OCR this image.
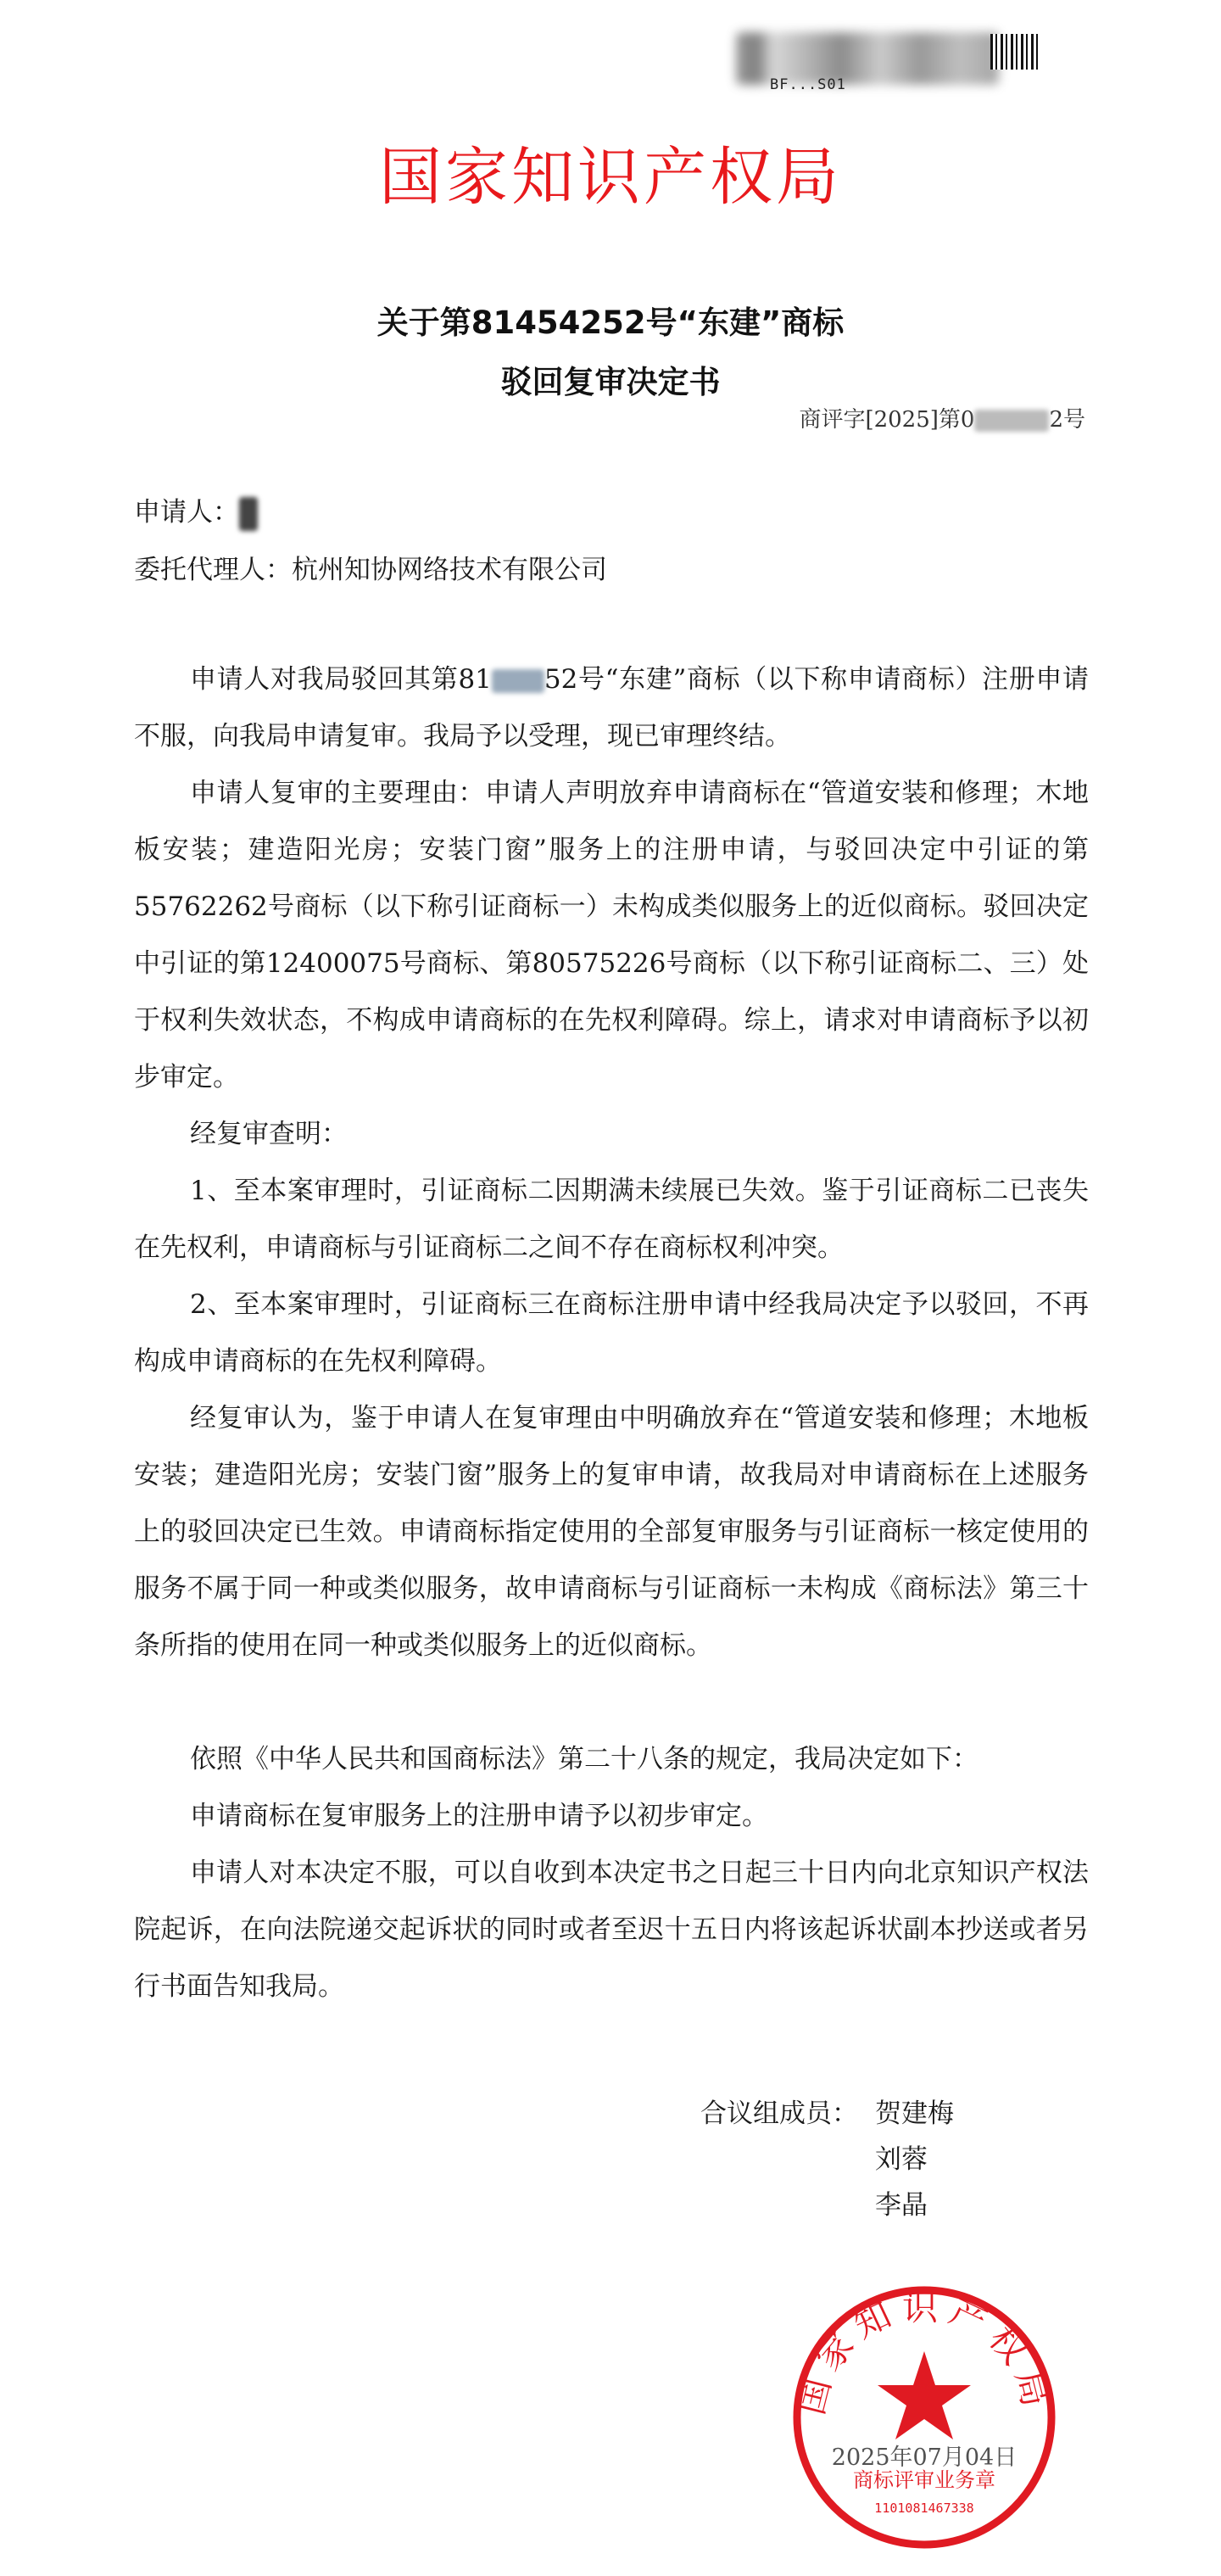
BF...S01
国家知识产权局
关于第81454252号“东建”商标
驳回复审决定书
商评字[2025]第0	2号
申请人：
委托代理人：杭州知协网络技术有限公司

申请人对我局驳回其第81 52号“东建”商标（以下称申请商标）注册申请不服，向我局申请复审。我局予以受理，现已审理终结。

申请人复审的主要理由：申请人声明放弃申请商标在“管道安装和修理；木地板安装；建造阳光房；安装门窗”服务上的注册申请，与驳回决定中引证的第55762262号商标（以下称引证商标一）未构成类似服务上的近似商标。驳回决定中引证的第12400075号商标、第80575226号商标（以下称引证商标二、三）处于权利失效状态，不构成申请商标的在先权利障碍。综上，请求对申请商标予以初步审定。

经复审查明：

1、至本案审理时，引证商标二因期满未续展已失效。鉴于引证商标二已丧失在先权利，申请商标与引证商标二之间不存在商标权利冲突。

2、至本案审理时，引证商标三在商标注册申请中经我局决定予以驳回，不再构成申请商标的在先权利障碍。

经复审认为，鉴于申请人在复审理由中明确放弃在“管道安装和修理；木地板安装；建造阳光房；安装门窗”服务上的复审申请，故我局对申请商标在上述服务上的驳回决定已生效。申请商标指定使用的全部复审服务与引证商标一核定使用的服务不属于同一种或类似服务，故申请商标与引证商标一未构成《商标法》第三十条所指的使用在同一种或类似服务上的近似商标。

依照《中华人民共和国商标法》第二十八条的规定，我局决定如下：

申请商标在复审服务上的注册申请予以初步审定。

申请人对本决定不服，可以自收到本决定书之日起三十日内向北京知识产权法院起诉，在向法院递交起诉状的同时或者至迟十五日内将该起诉状副本抄送或者另行书面告知我局。

合议组成员： 贺建梅
刘蓉
李晶
国家知识产权局
2025年07月04日
商标评审业务章
1101081467338
